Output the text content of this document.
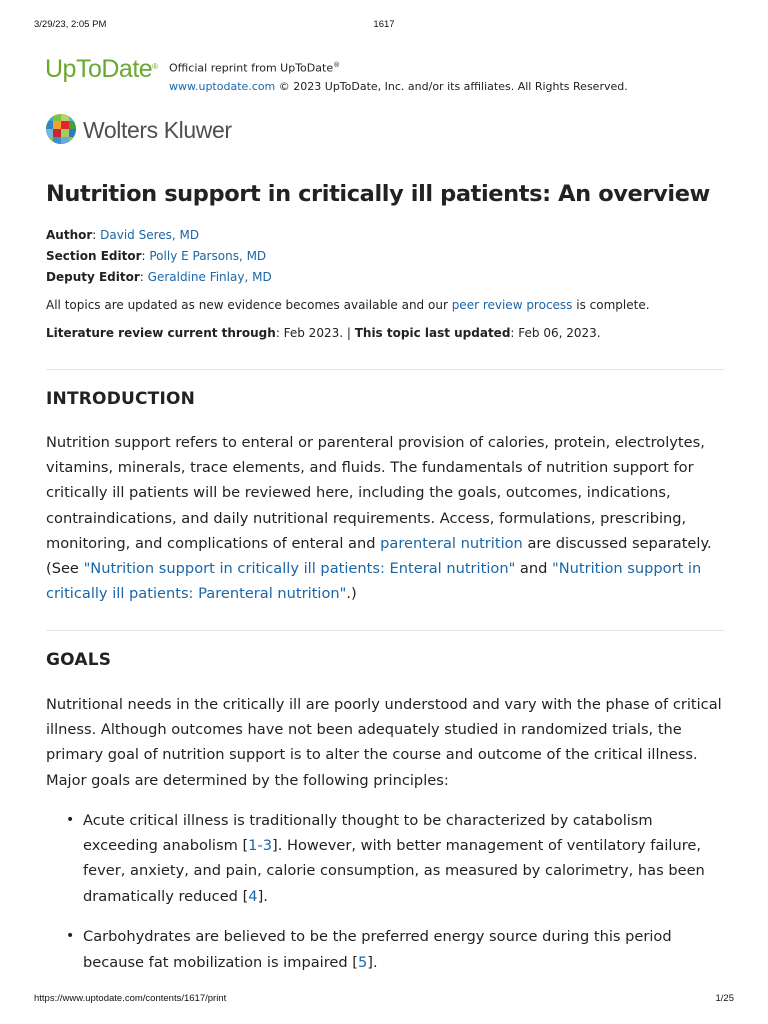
3/29/23, 2:05 PM	1617
UpToDate® Official reprint from UpToDate®
www.uptodate.com © 2023 UpToDate, Inc. and/or its affiliates. All Rights Reserved.
Wolters Kluwer
Nutrition support in critically ill patients: An overview
Author: David Seres, MD
Section Editor: Polly E Parsons, MD
Deputy Editor: Geraldine Finlay, MD
All topics are updated as new evidence becomes available and our peer review process is complete.
Literature review current through: Feb 2023. | This topic last updated: Feb 06, 2023.
INTRODUCTION

Nutrition support refers to enteral or parenteral provision of calories, protein, electrolytes, vitamins, minerals, trace elements, and fluids. The fundamentals of nutrition support for critically ill patients will be reviewed here, including the goals, outcomes, indications, contraindications, and daily nutritional requirements. Access, formulations, prescribing, monitoring, and complications of enteral and parenteral nutrition are discussed separately. (See "Nutrition support in critically ill patients: Enteral nutrition" and "Nutrition support in critically ill patients: Parenteral nutrition".)

GOALS

Nutritional needs in the critically ill are poorly understood and vary with the phase of critical illness. Although outcomes have not been adequately studied in randomized trials, the primary goal of nutrition support is to alter the course and outcome of the critical illness. Major goals are determined by the following principles:

• Acute critical illness is traditionally thought to be characterized by catabolism exceeding anabolism [1-3]. However, with better management of ventilatory failure, fever, anxiety, and pain, calorie consumption, as measured by calorimetry, has been dramatically reduced [4].
• Carbohydrates are believed to be the preferred energy source during this period because fat mobilization is impaired [5].
https://www.uptodate.com/contents/1617/print	1/25
